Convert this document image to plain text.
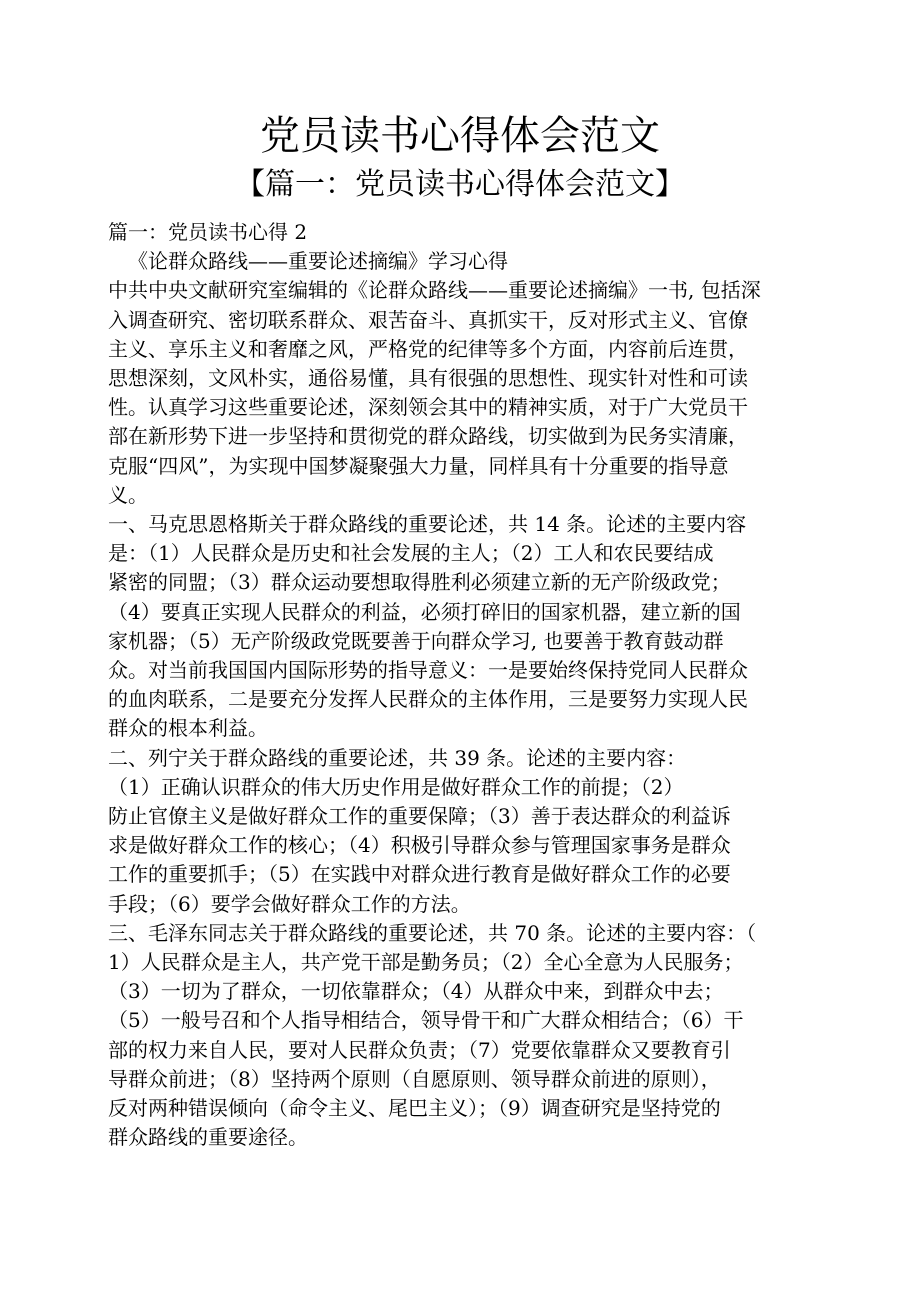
党员读书心得体会范文
【篇一：党员读书心得体会范文】

篇一：党员读书心得 2

《论群众路线——重要论述摘编》学习心得

中共中央文献研究室编辑的《论群众路线——重要论述摘编》一书, 包括深

入调查研究、密切联系群众、艰苦奋斗、真抓实干，反对形式主义、官僚

主义、享乐主义和奢靡之风，严格党的纪律等多个方面，内容前后连贯，

思想深刻，文风朴实，通俗易懂，具有很强的思想性、现实针对性和可读

性。认真学习这些重要论述，深刻领会其中的精神实质，对于广大党员干

部在新形势下进一步坚持和贯彻党的群众路线，切实做到为民务实清廉，

克服“四风”，为实现中国梦凝聚强大力量，同样具有十分重要的指导意

义。

一、马克思恩格斯关于群众路线的重要论述，共 14 条。论述的主要内容

是：（1）人民群众是历史和社会发展的主人；（2）工人和农民要结成

紧密的同盟；（3）群众运动要想取得胜利必须建立新的无产阶级政党；

（4）要真正实现人民群众的利益，必须打碎旧的国家机器，建立新的国

家机器；（5）无产阶级政党既要善于向群众学习, 也要善于教育鼓动群

众。对当前我国国内国际形势的指导意义：一是要始终保持党同人民群众

的血肉联系，二是要充分发挥人民群众的主体作用，三是要努力实现人民

群众的根本利益。

二、列宁关于群众路线的重要论述，共 39 条。论述的主要内容：

（1）正确认识群众的伟大历史作用是做好群众工作的前提；（2）

防止官僚主义是做好群众工作的重要保障；（3）善于表达群众的利益诉

求是做好群众工作的核心；（4）积极引导群众参与管理国家事务是群众

工作的重要抓手；（5）在实践中对群众进行教育是做好群众工作的必要

手段；（6）要学会做好群众工作的方法。

三、毛泽东同志关于群众路线的重要论述，共 70 条。论述的主要内容：（

1）人民群众是主人，共产党干部是勤务员；（2）全心全意为人民服务；

（3）一切为了群众，一切依靠群众；（4）从群众中来，到群众中去；

（5）一般号召和个人指导相结合，领导骨干和广大群众相结合；（6）干

部的权力来自人民，要对人民群众负责；（7）党要依靠群众又要教育引

导群众前进；（8）坚持两个原则（自愿原则、领导群众前进的原则），

反对两种错误倾向（命令主义、尾巴主义）；（9）调查研究是坚持党的

群众路线的重要途径。
